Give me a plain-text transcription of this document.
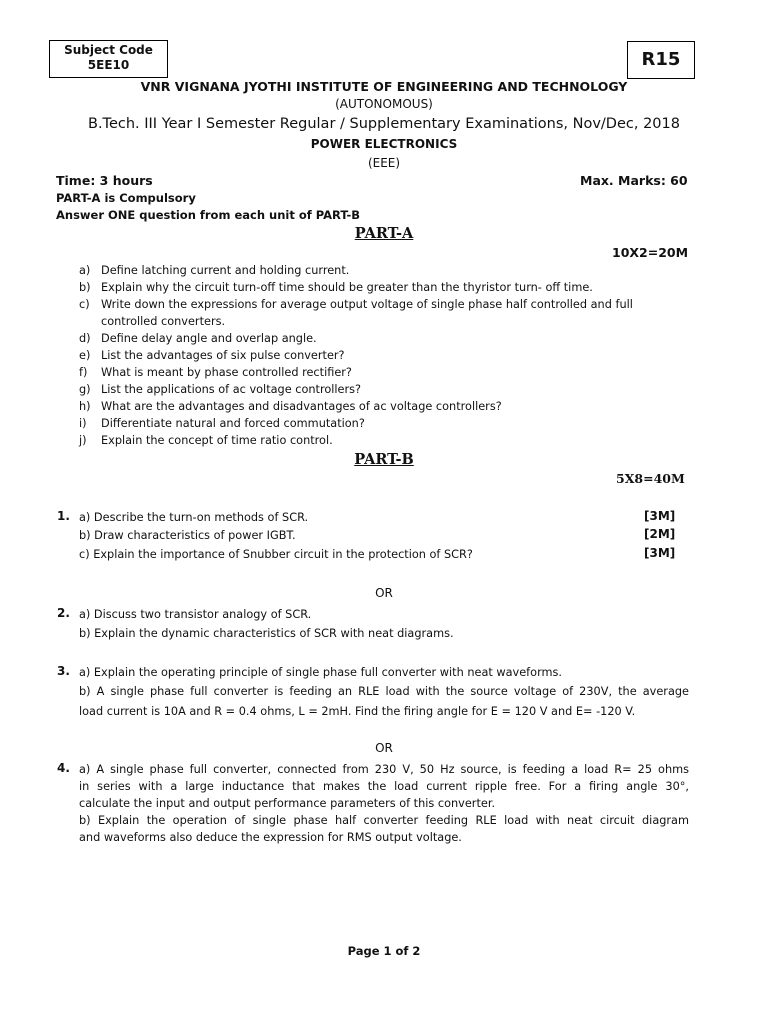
Subject Code
5EE10	R15
VNR VIGNANA JYOTHI INSTITUTE OF ENGINEERING AND TECHNOLOGY
(AUTONOMOUS)
B.Tech. III Year I Semester Regular / Supplementary Examinations, Nov/Dec, 2018
POWER ELECTRONICS
(EEE)
Time: 3 hours	Max. Marks: 60
PART-A is Compulsory
Answer ONE question from each unit of PART-B
PART-A
10X2=20M
a) Define latching current and holding current.
b) Explain why the circuit turn-off time should be greater than the thyristor turn- off time.
c)	Write down the expressions for average output voltage of single phase half controlled and full
controlled converters.
d) Define delay angle and overlap angle.
e) List the advantages of six pulse converter?
f)	What is meant by phase controlled rectifier?
g) List the applications of ac voltage controllers?
h) What are the advantages and disadvantages of ac voltage controllers?
i)	Differentiate natural and forced commutation?
j)	Explain the concept of time ratio control.
PART-B
5X8=40M
1. a) Describe the turn-on methods of SCR.	[3M]
b) Draw characteristics of power IGBT.	[2M]
c) Explain the importance of Snubber circuit in the protection of SCR?	[3M]
OR
2. a) Discuss two transistor analogy of SCR.
b) Explain the dynamic characteristics of SCR with neat diagrams.
3. a) Explain the operating principle of single phase full converter with neat waveforms.
b) A single phase full converter is feeding an RLE load with the source voltage of 230V, the average
load current is 10A and R = 0.4 ohms, L = 2mH. Find the firing angle for E = 120 V and E= -120 V.
OR
4. a) A single phase full converter, connected from 230 V, 50 Hz source, is feeding a load R= 25 ohms
in series with a large inductance that makes the load current ripple free. For a firing angle 30°,
calculate the input and output performance parameters of this converter.
b) Explain the operation of single phase half converter feeding RLE load with neat circuit diagram
and waveforms also deduce the expression for RMS output voltage.
Page 1 of 2
